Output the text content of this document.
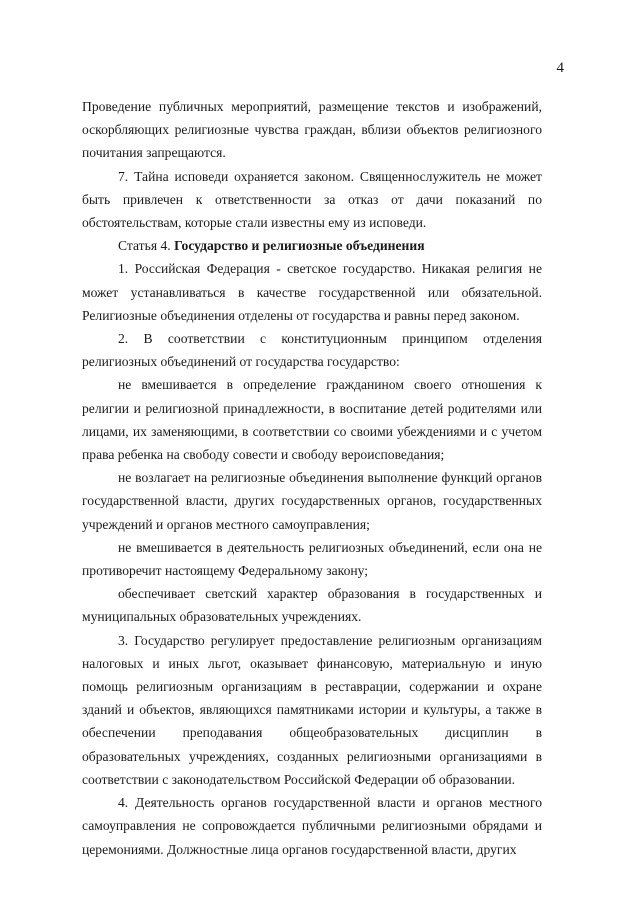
4

Проведение публичных мероприятий, размещение текстов и изображений, оскорбляющих религиозные чувства граждан, вблизи объектов религиозного почитания запрещаются.

7. Тайна исповеди охраняется законом. Священнослужитель не может быть привлечен к ответственности за отказ от дачи показаний по обстоятельствам, которые стали известны ему из исповеди.

Статья 4. Государство и религиозные объединения

1. Российская Федерация - светское государство. Никакая религия не может устанавливаться в качестве государственной или обязательной. Религиозные объединения отделены от государства и равны перед законом.

2. В соответствии с конституционным принципом отделения религиозных объединений от государства государство:

не вмешивается в определение гражданином своего отношения к религии и религиозной принадлежности, в воспитание детей родителями или лицами, их заменяющими, в соответствии со своими убеждениями и с учетом права ребенка на свободу совести и свободу вероисповедания;

не возлагает на религиозные объединения выполнение функций органов государственной власти, других государственных органов, государственных учреждений и органов местного самоуправления;

не вмешивается в деятельность религиозных объединений, если она не противоречит настоящему Федеральному закону;

обеспечивает светский характер образования в государственных и муниципальных образовательных учреждениях.

3. Государство регулирует предоставление религиозным организациям налоговых и иных льгот, оказывает финансовую, материальную и иную помощь религиозным организациям в реставрации, содержании и охране зданий и объектов, являющихся памятниками истории и культуры, а также в обеспечении преподавания общеобразовательных дисциплин в образовательных учреждениях, созданных религиозными организациями в соответствии с законодательством Российской Федерации об образовании.

4. Деятельность органов государственной власти и органов местного самоуправления не сопровождается публичными религиозными обрядами и церемониями. Должностные лица органов государственной власти, других
